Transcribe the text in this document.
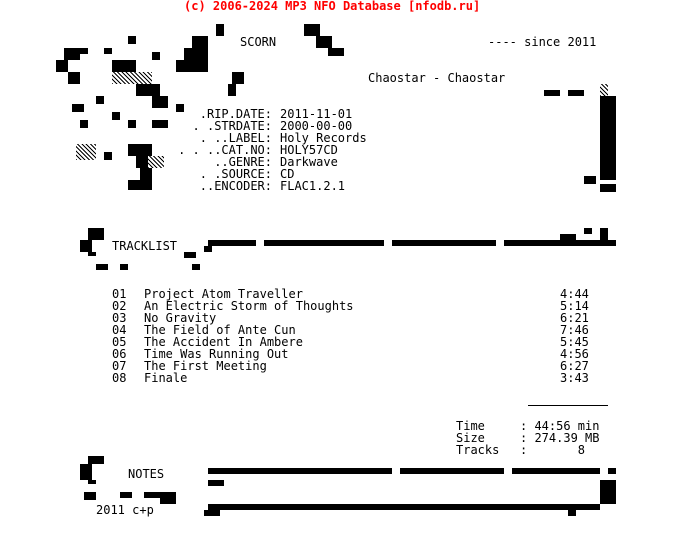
(c) 2006-2024 MP3 NFO Database [nfodb.ru]
SCORN	---- since 2011
Chaostar - Chaostar
.RIP.DATE: 2011-11-01
. .STRDATE: 2000-00-00
. ..LABEL: Holy Records
. . ..CAT.NO: HOLY57CD
..GENRE: Darkwave
. .SOURCE: CD
..ENCODER: FLAC1.2.1
TRACKLIST
01 Project Atom Traveller	4:44
02 An Electric Storm of Thoughts	5:14
03 No Gravity	6:21
04 The Field of Ante Cun	7:46
05 The Accident In Ambere	5:45
06 Time Was Running Out	4:56
07 The First Meeting	6:27
08 Finale	3:43
Time	: 44:56 min
Size	: 274.39 MB
Tracks :       8
NOTES
2011 c+p
